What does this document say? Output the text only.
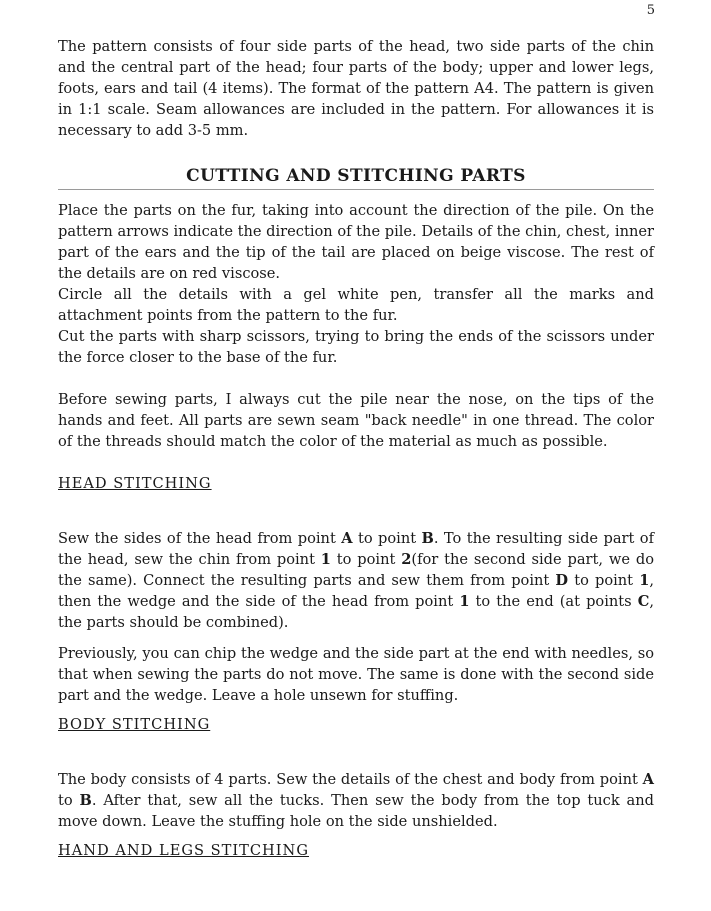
5

The pattern consists of four side parts of the head, two side parts of the chin and the central part of the head; four parts of the body; upper and lower legs, foots, ears and tail (4 items). The format of the pattern A4. The pattern is given in 1:1 scale. Seam allowances are included in the pattern. For allowances it is necessary to add 3-5 mm.

CUTTING AND STITCHING PARTS

Place the parts on the fur, taking into account the direction of the pile. On the pattern arrows indicate the direction of the pile. Details of the chin, chest, inner part of the ears and the tip of the tail are placed on beige viscose. The rest of the details are on red viscose.

Circle all the details with a gel white pen, transfer all the marks and attachment points from the pattern to the fur.

Cut the parts with sharp scissors, trying to bring the ends of the scissors under the force closer to the base of the fur.

Before sewing parts, I always cut the pile near the nose, on the tips of the hands and feet. All parts are sewn seam "back needle" in one thread. The color of the threads should match the color of the material as much as possible.

HEAD STITCHING

Sew the sides of the head from point A to point B. To the resulting side part of the head, sew the chin from point 1 to point 2(for the second side part, we do the same). Connect the resulting parts and sew them from point D to point 1, then the wedge and the side of the head from point 1 to the end (at points C, the parts should be combined).

Previously, you can chip the wedge and the side part at the end with needles, so that when sewing the parts do not move. The same is done with the second side part and the wedge. Leave a hole unsewn for stuffing.

BODY STITCHING

The body consists of 4 parts. Sew the details of the chest and body from point A to B. After that, sew all the tucks. Then sew the body from the top tuck and move down. Leave the stuffing hole on the side unshielded.

HAND AND LEGS STITCHING
